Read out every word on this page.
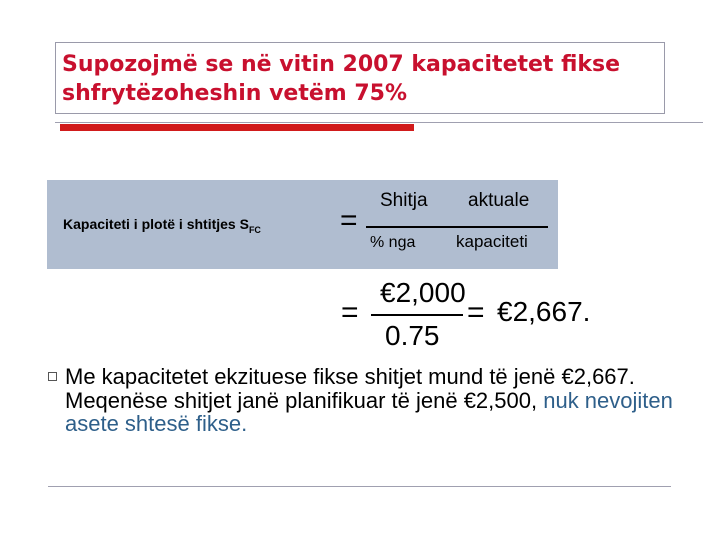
Supozojmë se në vitin 2007 kapacitetet fikse shfrytëzoheshin vetëm 75%
Kapaciteti i plotë i shtitjes $S_{FC}$	=
Shitja aktuale
% nga kapaciteti
=
€2,000
0.75
= €2,667.

Me kapacitetet ekzituese fikse shitjet mund të jenë €2,667. Meqenëse shitjet janë planifikuar të jenë €2,500, nuk nevojiten asete shtesë fikse.
